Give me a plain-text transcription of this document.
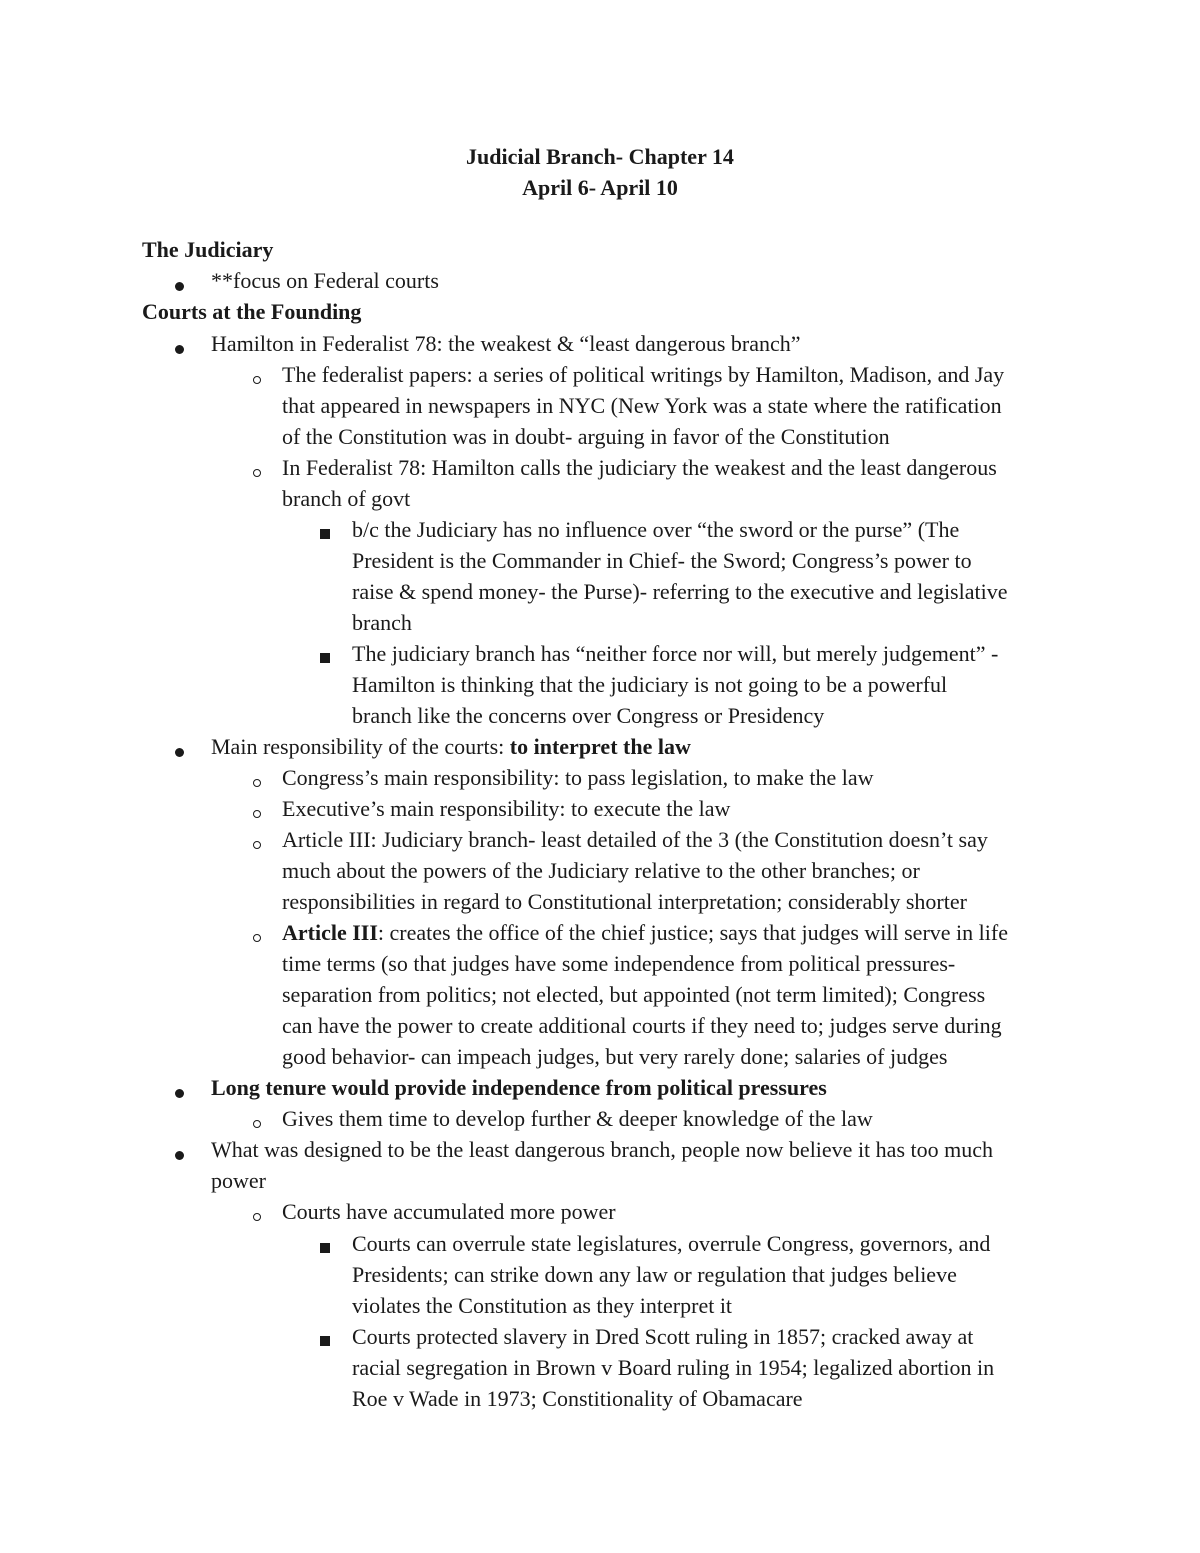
Judicial Branch- Chapter 14
April 6- April 10
The Judiciary
**focus on Federal courts
Courts at the Founding
Hamilton in Federalist 78: the weakest & “least dangerous branch”
The federalist papers: a series of political writings by Hamilton, Madison, and Jay
that appeared in newspapers in NYC (New York was a state where the ratification
of the Constitution was in doubt- arguing in favor of the Constitution
In Federalist 78: Hamilton calls the judiciary the weakest and the least dangerous
branch of govt
b/c the Judiciary has no influence over “the sword or the purse” (The
President is the Commander in Chief- the Sword; Congress’s power to
raise & spend money- the Purse)- referring to the executive and legislative
branch
The judiciary branch has “neither force nor will, but merely judgement” -
Hamilton is thinking that the judiciary is not going to be a powerful
branch like the concerns over Congress or Presidency
Main responsibility of the courts: to interpret the law
Congress’s main responsibility: to pass legislation, to make the law
Executive’s main responsibility: to execute the law
Article III: Judiciary branch- least detailed of the 3 (the Constitution doesn’t say
much about the powers of the Judiciary relative to the other branches; or
responsibilities in regard to Constitutional interpretation; considerably shorter
Article III: creates the office of the chief justice; says that judges will serve in life
time terms (so that judges have some independence from political pressures-
separation from politics; not elected, but appointed (not term limited); Congress
can have the power to create additional courts if they need to; judges serve during
good behavior- can impeach judges, but very rarely done; salaries of judges
Long tenure would provide independence from political pressures
Gives them time to develop further & deeper knowledge of the law
What was designed to be the least dangerous branch, people now believe it has too much
power
Courts have accumulated more power
Courts can overrule state legislatures, overrule Congress, governors, and
Presidents; can strike down any law or regulation that judges believe
violates the Constitution as they interpret it
Courts protected slavery in Dred Scott ruling in 1857; cracked away at
racial segregation in Brown v Board ruling in 1954; legalized abortion in
Roe v Wade in 1973; Constitionality of Obamacare
